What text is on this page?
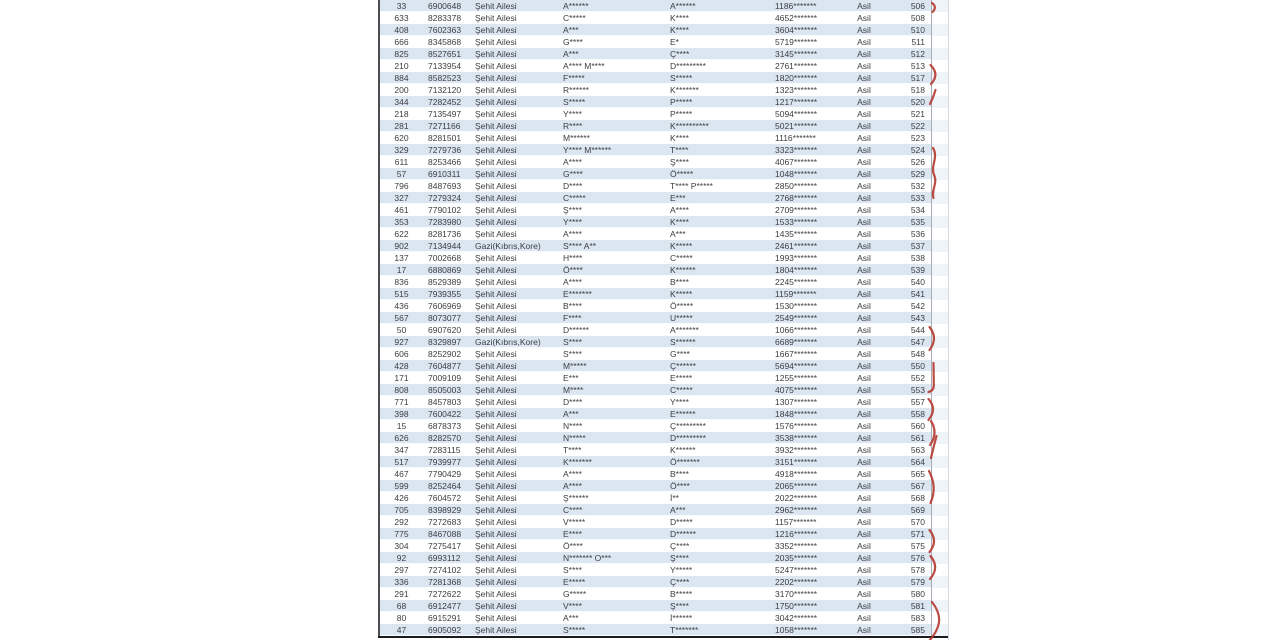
33	6900648	Şehit Ailesi	A******	A******	1186*******	Asil	506
633	8283378	Şehit Ailesi	C*****	K****	4652*******	Asil	508
408	7602363	Şehit Ailesi	A***	K****	3604*******	Asil	510
666	8345868	Şehit Ailesi	G****	E*	5719*******	Asil	511
825	8527651	Şehit Ailesi	A***	Ç****	3145*******	Asil	512
210	7133954	Şehit Ailesi	A**** M****	D*********	2761*******	Asil	513
884	8582523	Şehit Ailesi	F*****	S*****	1820*******	Asil	517
200	7132120	Şehit Ailesi	R******	K*******	1323*******	Asil	518
344	7282452	Şehit Ailesi	S*****	P*****	1217*******	Asil	520
218	7135497	Şehit Ailesi	Y****	P*****	5094*******	Asil	521
281	7271166	Şehit Ailesi	R****	K**********	5021*******	Asil	522
620	8281501	Şehit Ailesi	M******	K****	1116*******	Asil	523
329	7279736	Şehit Ailesi	Y**** M******	T****	3323*******	Asil	524
611	8253466	Şehit Ailesi	A****	Ş****	4067*******	Asil	526
57	6910311	Şehit Ailesi	G****	Ö*****	1048*******	Asil	529
796	8487693	Şehit Ailesi	D****	T**** P*****	2850*******	Asil	532
327	7279324	Şehit Ailesi	C*****	E***	2768*******	Asil	533
461	7790102	Şehit Ailesi	Ş****	A****	2709*******	Asil	534
353	7283980	Şehit Ailesi	Y****	K****	1533*******	Asil	535
622	8281736	Şehit Ailesi	A****	A***	1435*******	Asil	536
902	7134944	Gazi(Kıbrıs,Kore)	S**** A**	K*****	2461*******	Asil	537
137	7002668	Şehit Ailesi	H****	C*****	1993*******	Asil	538
17	6880869	Şehit Ailesi	Ö****	K******	1804*******	Asil	539
836	8529389	Şehit Ailesi	A****	B****	2245*******	Asil	540
515	7939355	Şehit Ailesi	E*******	K*****	1159*******	Asil	541
436	7606969	Şehit Ailesi	B****	Ö*****	1530*******	Asil	542
567	8073077	Şehit Ailesi	F****	U*****	2549*******	Asil	543
50	6907620	Şehit Ailesi	D******	A*******	1066*******	Asil	544
927	8329897	Gazi(Kıbrıs,Kore)	S****	S******	6689*******	Asil	547
606	8252902	Şehit Ailesi	S****	G****	1667*******	Asil	548
428	7604877	Şehit Ailesi	M*****	Ç******	5694*******	Asil	550
171	7009109	Şehit Ailesi	E***	E*****	1255*******	Asil	552
808	8505003	Şehit Ailesi	M****	C*****	4075*******	Asil	553
771	8457803	Şehit Ailesi	D****	Y****	1307*******	Asil	557
398	7600422	Şehit Ailesi	A***	E******	1848*******	Asil	558
15	6878373	Şehit Ailesi	N****	Ç*********	1576*******	Asil	560
626	8282570	Şehit Ailesi	N*****	D*********	3538*******	Asil	561
347	7283115	Şehit Ailesi	T****	K******	3932*******	Asil	563
517	7939977	Şehit Ailesi	K*******	Ö*******	3151*******	Asil	564
467	7790429	Şehit Ailesi	A****	B****	4918*******	Asil	565
599	8252464	Şehit Ailesi	A****	Ö****	2065*******	Asil	567
426	7604572	Şehit Ailesi	Ş******	İ**	2022*******	Asil	568
705	8398929	Şehit Ailesi	C****	A***	2962*******	Asil	569
292	7272683	Şehit Ailesi	V*****	D*****	1157*******	Asil	570
775	8467088	Şehit Ailesi	E****	D******	1216*******	Asil	571
304	7275417	Şehit Ailesi	Ö****	Ç****	3352*******	Asil	575
92	6993112	Şehit Ailesi	N******* O***	Ş****	2035*******	Asil	576
297	7274102	Şehit Ailesi	S****	Y*****	5247*******	Asil	578
336	7281368	Şehit Ailesi	E*****	Ç****	2202*******	Asil	579
291	7272622	Şehit Ailesi	G*****	B*****	3170*******	Asil	580
68	6912477	Şehit Ailesi	V****	Ş****	1750*******	Asil	581
80	6915291	Şehit Ailesi	A***	İ******	3042*******	Asil	583
47	6905092	Şehit Ailesi	S*****	T*******	1058*******	Asil	585
